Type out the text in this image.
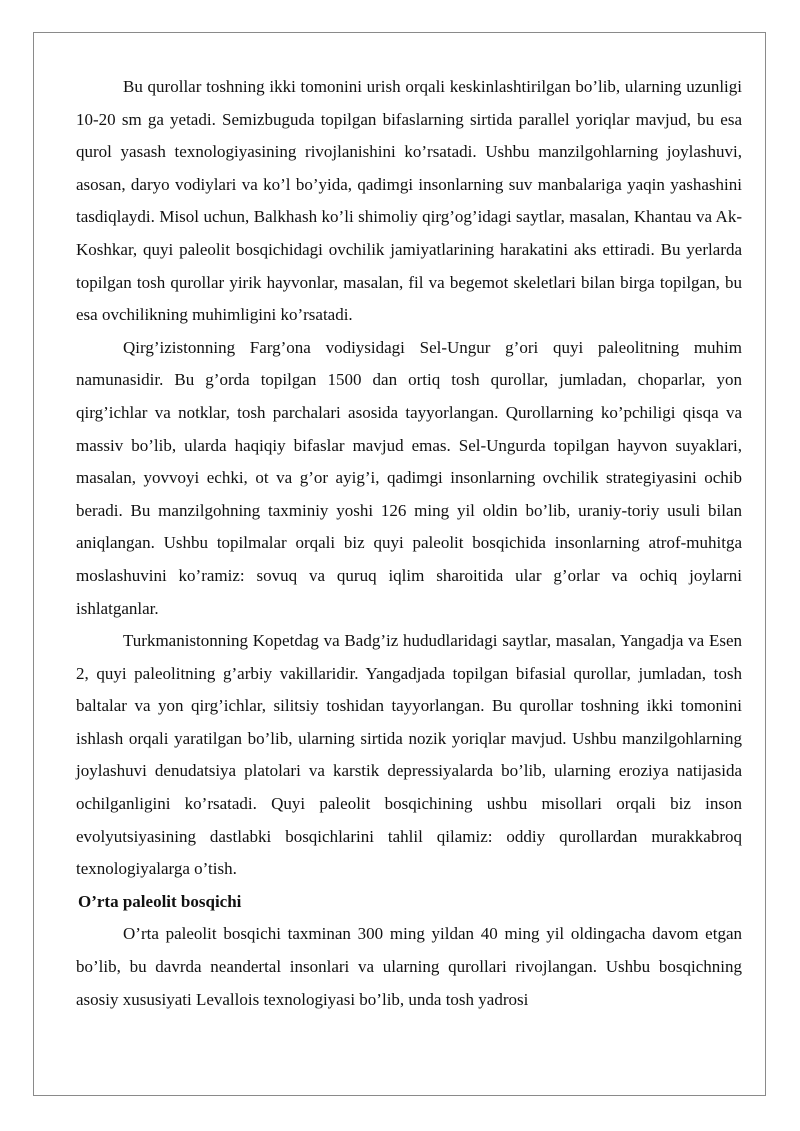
Bu qurollar toshning ikki tomonini urish orqali keskinlashtirilgan bo’lib, ularning uzunligi 10-20 sm ga yetadi. Semizbuguda topilgan bifaslarning sirtida parallel yoriqlar mavjud, bu esa qurol yasash texnologiyasining rivojlanishini ko’rsatadi. Ushbu manzilgohlarning joylashuvi, asosan, daryo vodiylari va ko’l bo’yida, qadimgi insonlarning suv manbalariga yaqin yashashini tasdiqlaydi. Misol uchun, Balkhash ko’li shimoliy qirg’og’idagi saytlar, masalan, Khantau va Ak-Koshkar, quyi paleolit bosqichidagi ovchilik jamiyatlarining harakatini aks ettiradi. Bu yerlarda topilgan tosh qurollar yirik hayvonlar, masalan, fil va begemot skeletlari bilan birga topilgan, bu esa ovchilikning muhimligini ko’rsatadi.

Qirg’izistonning Farg’ona vodiysidagi Sel-Ungur g’ori quyi paleolitning muhim namunasidir. Bu g’orda topilgan 1500 dan ortiq tosh qurollar, jumladan, choparlar, yon qirg’ichlar va notklar, tosh parchalari asosida tayyorlangan. Qurollarning ko’pchiligi qisqa va massiv bo’lib, ularda haqiqiy bifaslar mavjud emas. Sel-Ungurda topilgan hayvon suyaklari, masalan, yovvoyi echki, ot va g’or ayig’i, qadimgi insonlarning ovchilik strategiyasini ochib beradi. Bu manzilgohning taxminiy yoshi 126 ming yil oldin bo’lib, uraniy-toriy usuli bilan aniqlangan. Ushbu topilmalar orqali biz quyi paleolit bosqichida insonlarning atrof-muhitga moslashuvini ko’ramiz: sovuq va quruq iqlim sharoitida ular g’orlar va ochiq joylarni ishlatganlar.

Turkmanistonning Kopetdag va Badg’iz hududlaridagi saytlar, masalan, Yangadja va Esen 2, quyi paleolitning g’arbiy vakillaridir. Yangadjada topilgan bifasial qurollar, jumladan, tosh baltalar va yon qirg’ichlar, silitsiy toshidan tayyorlangan. Bu qurollar toshning ikki tomonini ishlash orqali yaratilgan bo’lib, ularning sirtida nozik yoriqlar mavjud. Ushbu manzilgohlarning joylashuvi denudatsiya platolari va karstik depressiyalarda bo’lib, ularning eroziya natijasida ochilganligini ko’rsatadi. Quyi paleolit bosqichining ushbu misollari orqali biz inson evolyutsiyasining dastlabki bosqichlarini tahlil qilamiz: oddiy qurollardan murakkabroq texnologiyalarga o’tish.

O’rta paleolit bosqichi

O’rta paleolit bosqichi taxminan 300 ming yildan 40 ming yil oldingacha davom etgan bo’lib, bu davrda neandertal insonlari va ularning qurollari rivojlangan. Ushbu bosqichning asosiy xususiyati Levallois texnologiyasi bo’lib, unda tosh yadrosi
